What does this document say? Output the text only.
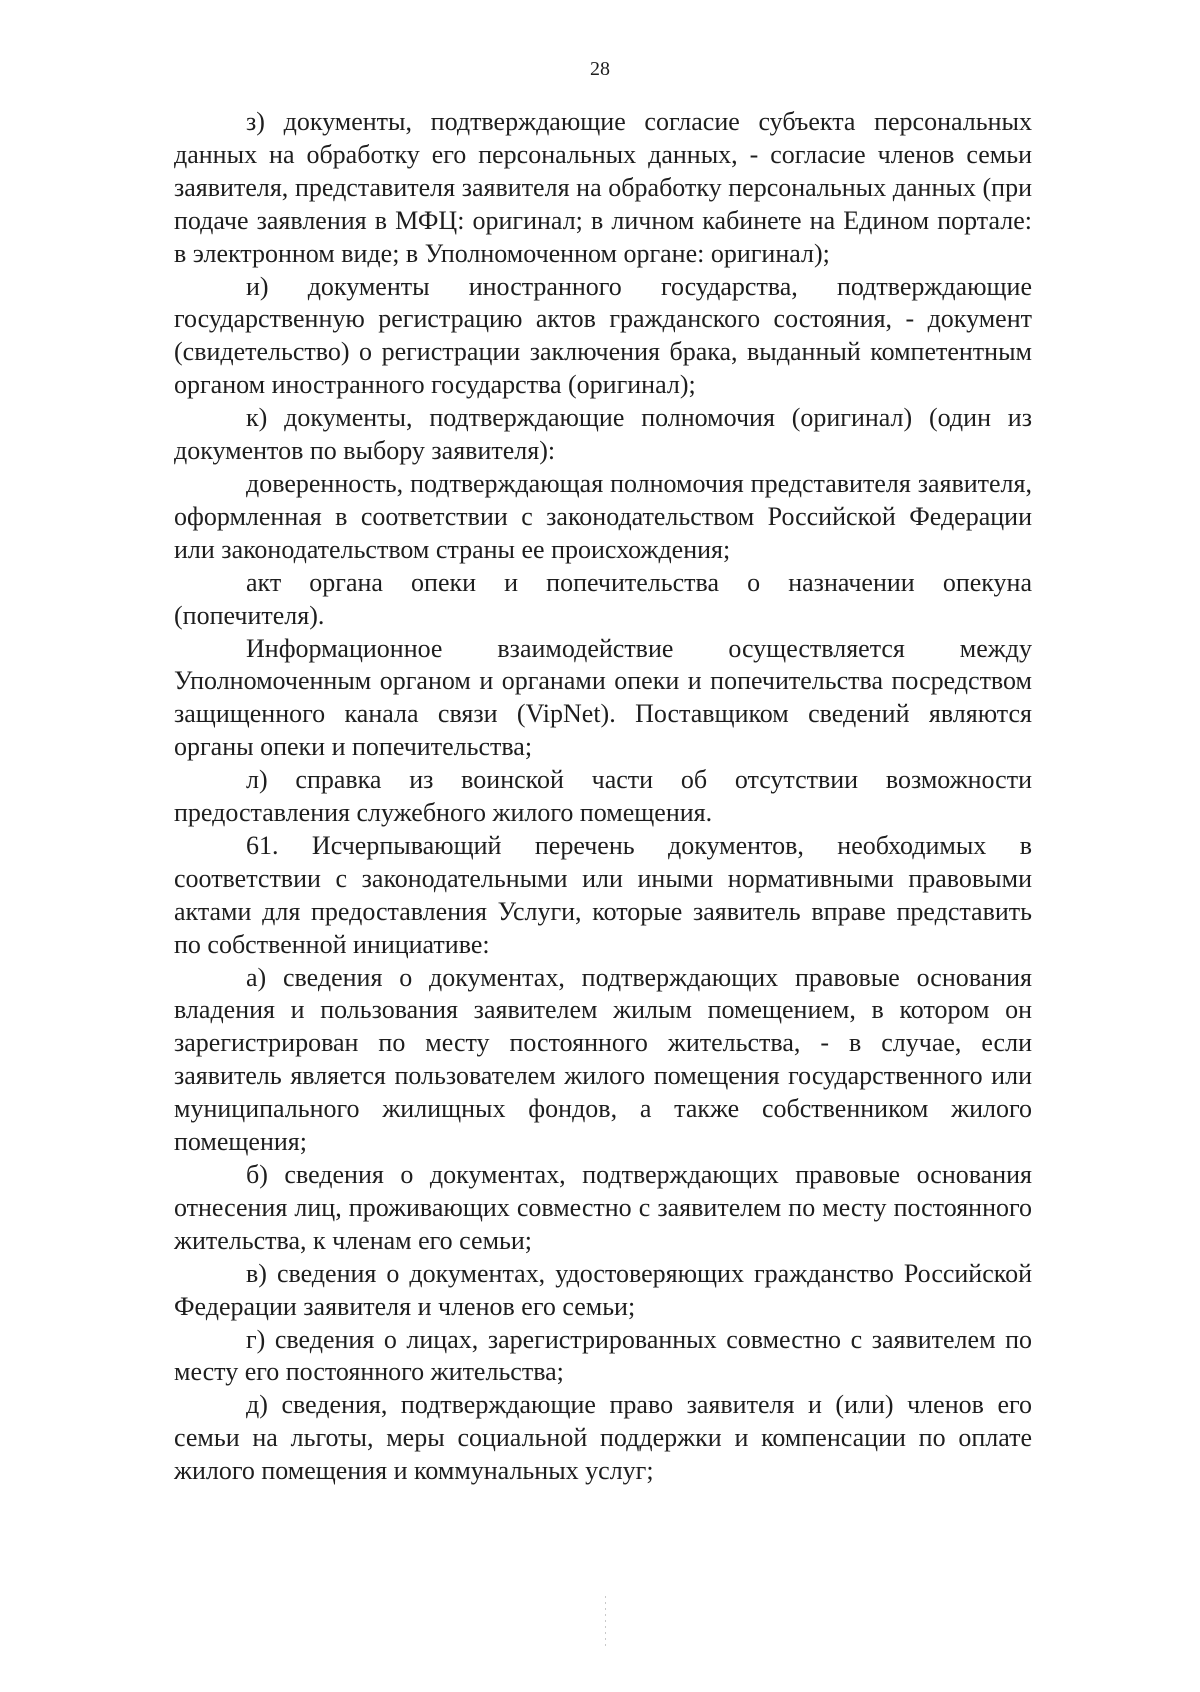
28

з) документы, подтверждающие согласие субъекта персональных данных на обработку его персональных данных, - согласие членов семьи заявителя, представителя заявителя на обработку персональных данных (при подаче заявления в МФЦ: оригинал; в личном кабинете на Едином портале: в электронном виде; в Уполномоченном органе: оригинал);

и) документы иностранного государства, подтверждающие государственную регистрацию актов гражданского состояния, - документ (свидетельство) о регистрации заключения брака, выданный компетентным органом иностранного государства (оригинал);

к) документы, подтверждающие полномочия (оригинал) (один из документов по выбору заявителя):

доверенность, подтверждающая полномочия представителя заявителя, оформленная в соответствии с законодательством Российской Федерации или законодательством страны ее происхождения;

акт органа опеки и попечительства о назначении опекуна (попечителя).

Информационное взаимодействие осуществляется между Уполномоченным органом и органами опеки и попечительства посредством защищенного канала связи (VipNet). Поставщиком сведений являются органы опеки и попечительства;

л) справка из воинской части об отсутствии возможности предоставления служебного жилого помещения.

61. Исчерпывающий перечень документов, необходимых в соответствии с законодательными или иными нормативными правовыми актами для предоставления Услуги, которые заявитель вправе представить по собственной инициативе:

а) сведения о документах, подтверждающих правовые основания владения и пользования заявителем жилым помещением, в котором он зарегистрирован по месту постоянного жительства, - в случае, если заявитель является пользователем жилого помещения государственного или муниципального жилищных фондов, а также собственником жилого помещения;

б) сведения о документах, подтверждающих правовые основания отнесения лиц, проживающих совместно с заявителем по месту постоянного жительства, к членам его семьи;

в) сведения о документах, удостоверяющих гражданство Российской Федерации заявителя и членов его семьи;

г) сведения о лицах, зарегистрированных совместно с заявителем по месту его постоянного жительства;

д) сведения, подтверждающие право заявителя и (или) членов его семьи на льготы, меры социальной поддержки и компенсации по оплате жилого помещения и коммунальных услуг;
